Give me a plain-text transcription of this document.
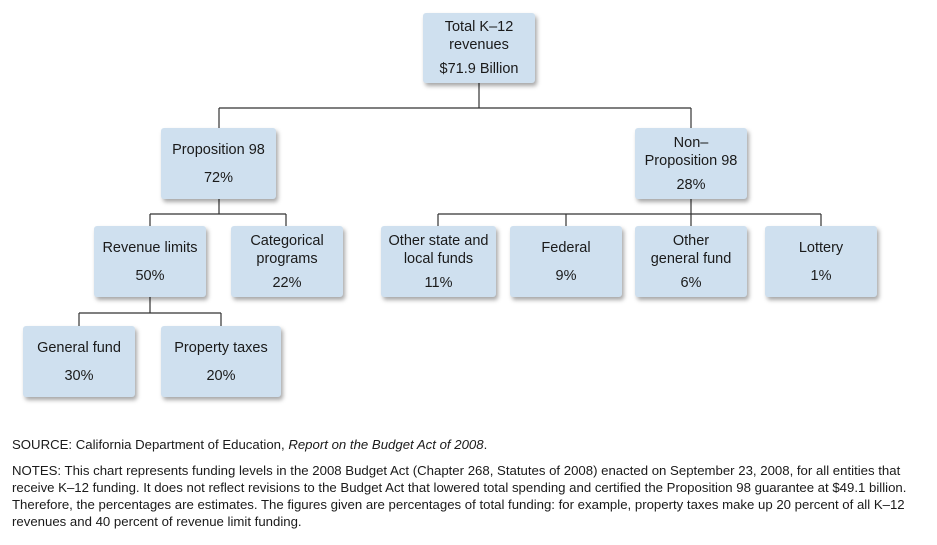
Total K–12
revenues
$71.9 Billion
Proposition 98
72%
Non–
Proposition 98
28%
Revenue limits
50%
Categorical
programs
22%
Other state and
local funds
11%
Federal
9%
Other
general fund
6%
Lottery
1%
General fund
30%
Property taxes
20%
SOURCE: California Department of Education, Report on the Budget Act of 2008.
NOTES: This chart represents funding levels in the 2008 Budget Act (Chapter 268, Statutes of 2008) enacted on September 23, 2008, for all entities that receive K–12 funding. It does not reflect revisions to the Budget Act that lowered total spending and certified the Proposition 98 guarantee at $49.1 billion. Therefore, the percentages are estimates. The figures given are percentages of total funding: for example, property taxes make up 20 percent of all K–12 revenues and 40 percent of revenue limit funding.
